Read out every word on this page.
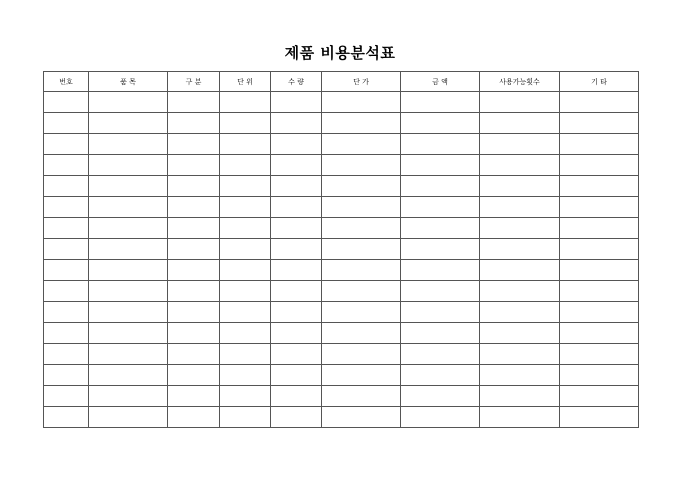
제품 비용분석표
번호	품 목	구 분	단 위	수 량	단 가	금 액	사용가능횟수	기 타
